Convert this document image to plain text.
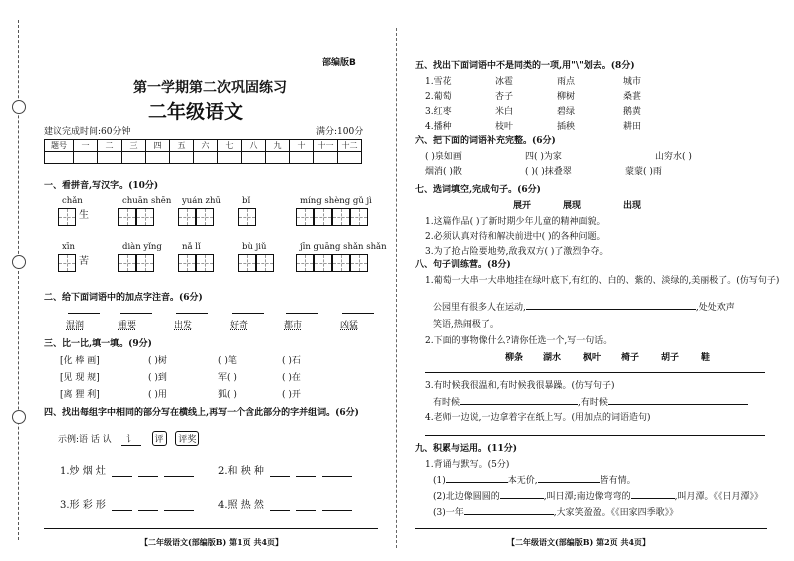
部编版B
第一学期第二次巩固练习
二年级语文
建议完成时间:60分钟	满分:100分
题号	一	二	三	四	五	六	七	八	九	十	十一	十二

一、看拼音,写汉字。(10分)
二、给下面词语中的加点字注音。(6分)
三、比一比,填一填。(9分)
四、找出每组字中相同的部分写在横线上,再写一个含此部分的字并组词。(6分)
示例:语 话 认 讠 评 评奖
【二年级语文(部编版B) 第1页 共4页】
chǎn
生
chuān shēn yuán zhū bǐ	míng shèng gǔ jì
xīn
苦
diàn yǐng nǎ lǐ	bù jiǔ	jīn guāng shǎn shǎn
湿润	重要	出发	好奇	都市	凶猛
[化 棒 画]	( )树	( )笔	( )石
[见 现 规]	( )到	军( )	( )在
[离 狸 利]	( )用	狐( )	( )开
1.炒 烟 灶	2.和 秧 种
3.形 彩 形	4.照 热 然
五、找出下面词语中不是同类的一项,用"\"划去。(8分)
六、把下面的词语补充完整。(6分)
七、选词填空,完成句子。(6分)
八、句子训练营。(8分)
1.葡萄一大串一大串地挂在绿叶底下,有红的、白的、紫的、淡绿的,美丽极了。(仿写句子)
公园里有很多人在运动,	,处处欢声
笑语,热闹极了。
2.下面的事物像什么?请你任选一个,写一句话。
3.有时候我很温和,有时候我很暴躁。(仿写句子)
有时候	,有时候
4.老师一边说,一边拿着字在纸上写。(用加点的词语造句)
九、积累与运用。(11分)
1.背诵与默写。(5分)
(1)	本无价,	皆有情。
(2)北边像圆圆的	,叫日潭;南边像弯弯的	,叫月潭。《《日月潭》》
(3)一年	,大家笑盈盈。《《田家四季歌》》
【二年级语文(部编版B) 第2页 共4页】
1.雪花	冰雹	雨点	城市
2.葡萄	杏子	柳树	桑葚
3.红枣	米白	碧绿	鹅黄
4.播种	枝叶	插秧	耕田
( )泉如画	四( )为家	山穷水( )
烟消( )散	( )( )抹叠翠	蒙蒙( )雨
展开	展现	出现
1.这篇作品( )了新时期少年儿童的精神面貌。
2.必须认真对待和解决前进中( )的各种问题。
3.为了抢占险要地势,敌我双方( )了激烈争夺。
柳条 湖水 枫叶 椅子 胡子 鞋
